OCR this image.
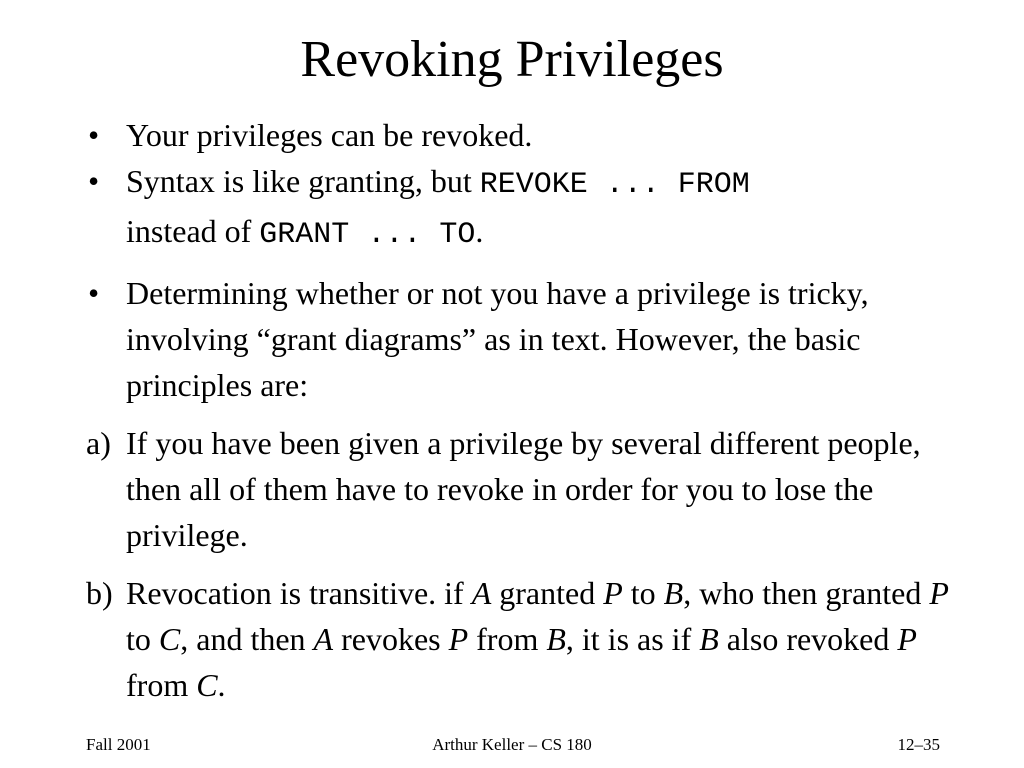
Revoking Privileges
• Your privileges can be revoked.
• Syntax is like granting, but REVOKE ... FROM
instead of GRANT ... TO.
• Determining whether or not you have a privilege is tricky, involving “grant diagrams” as in text. However, the basic principles are:
a) If you have been given a privilege by several different people, then all of them have to revoke in order for you to lose the privilege.
b) Revocation is transitive. if A granted P to B, who then granted P to C, and then A revokes P from B, it is as if B also revoked P from C.
Fall 2001	Arthur Keller – CS 180	12–35
